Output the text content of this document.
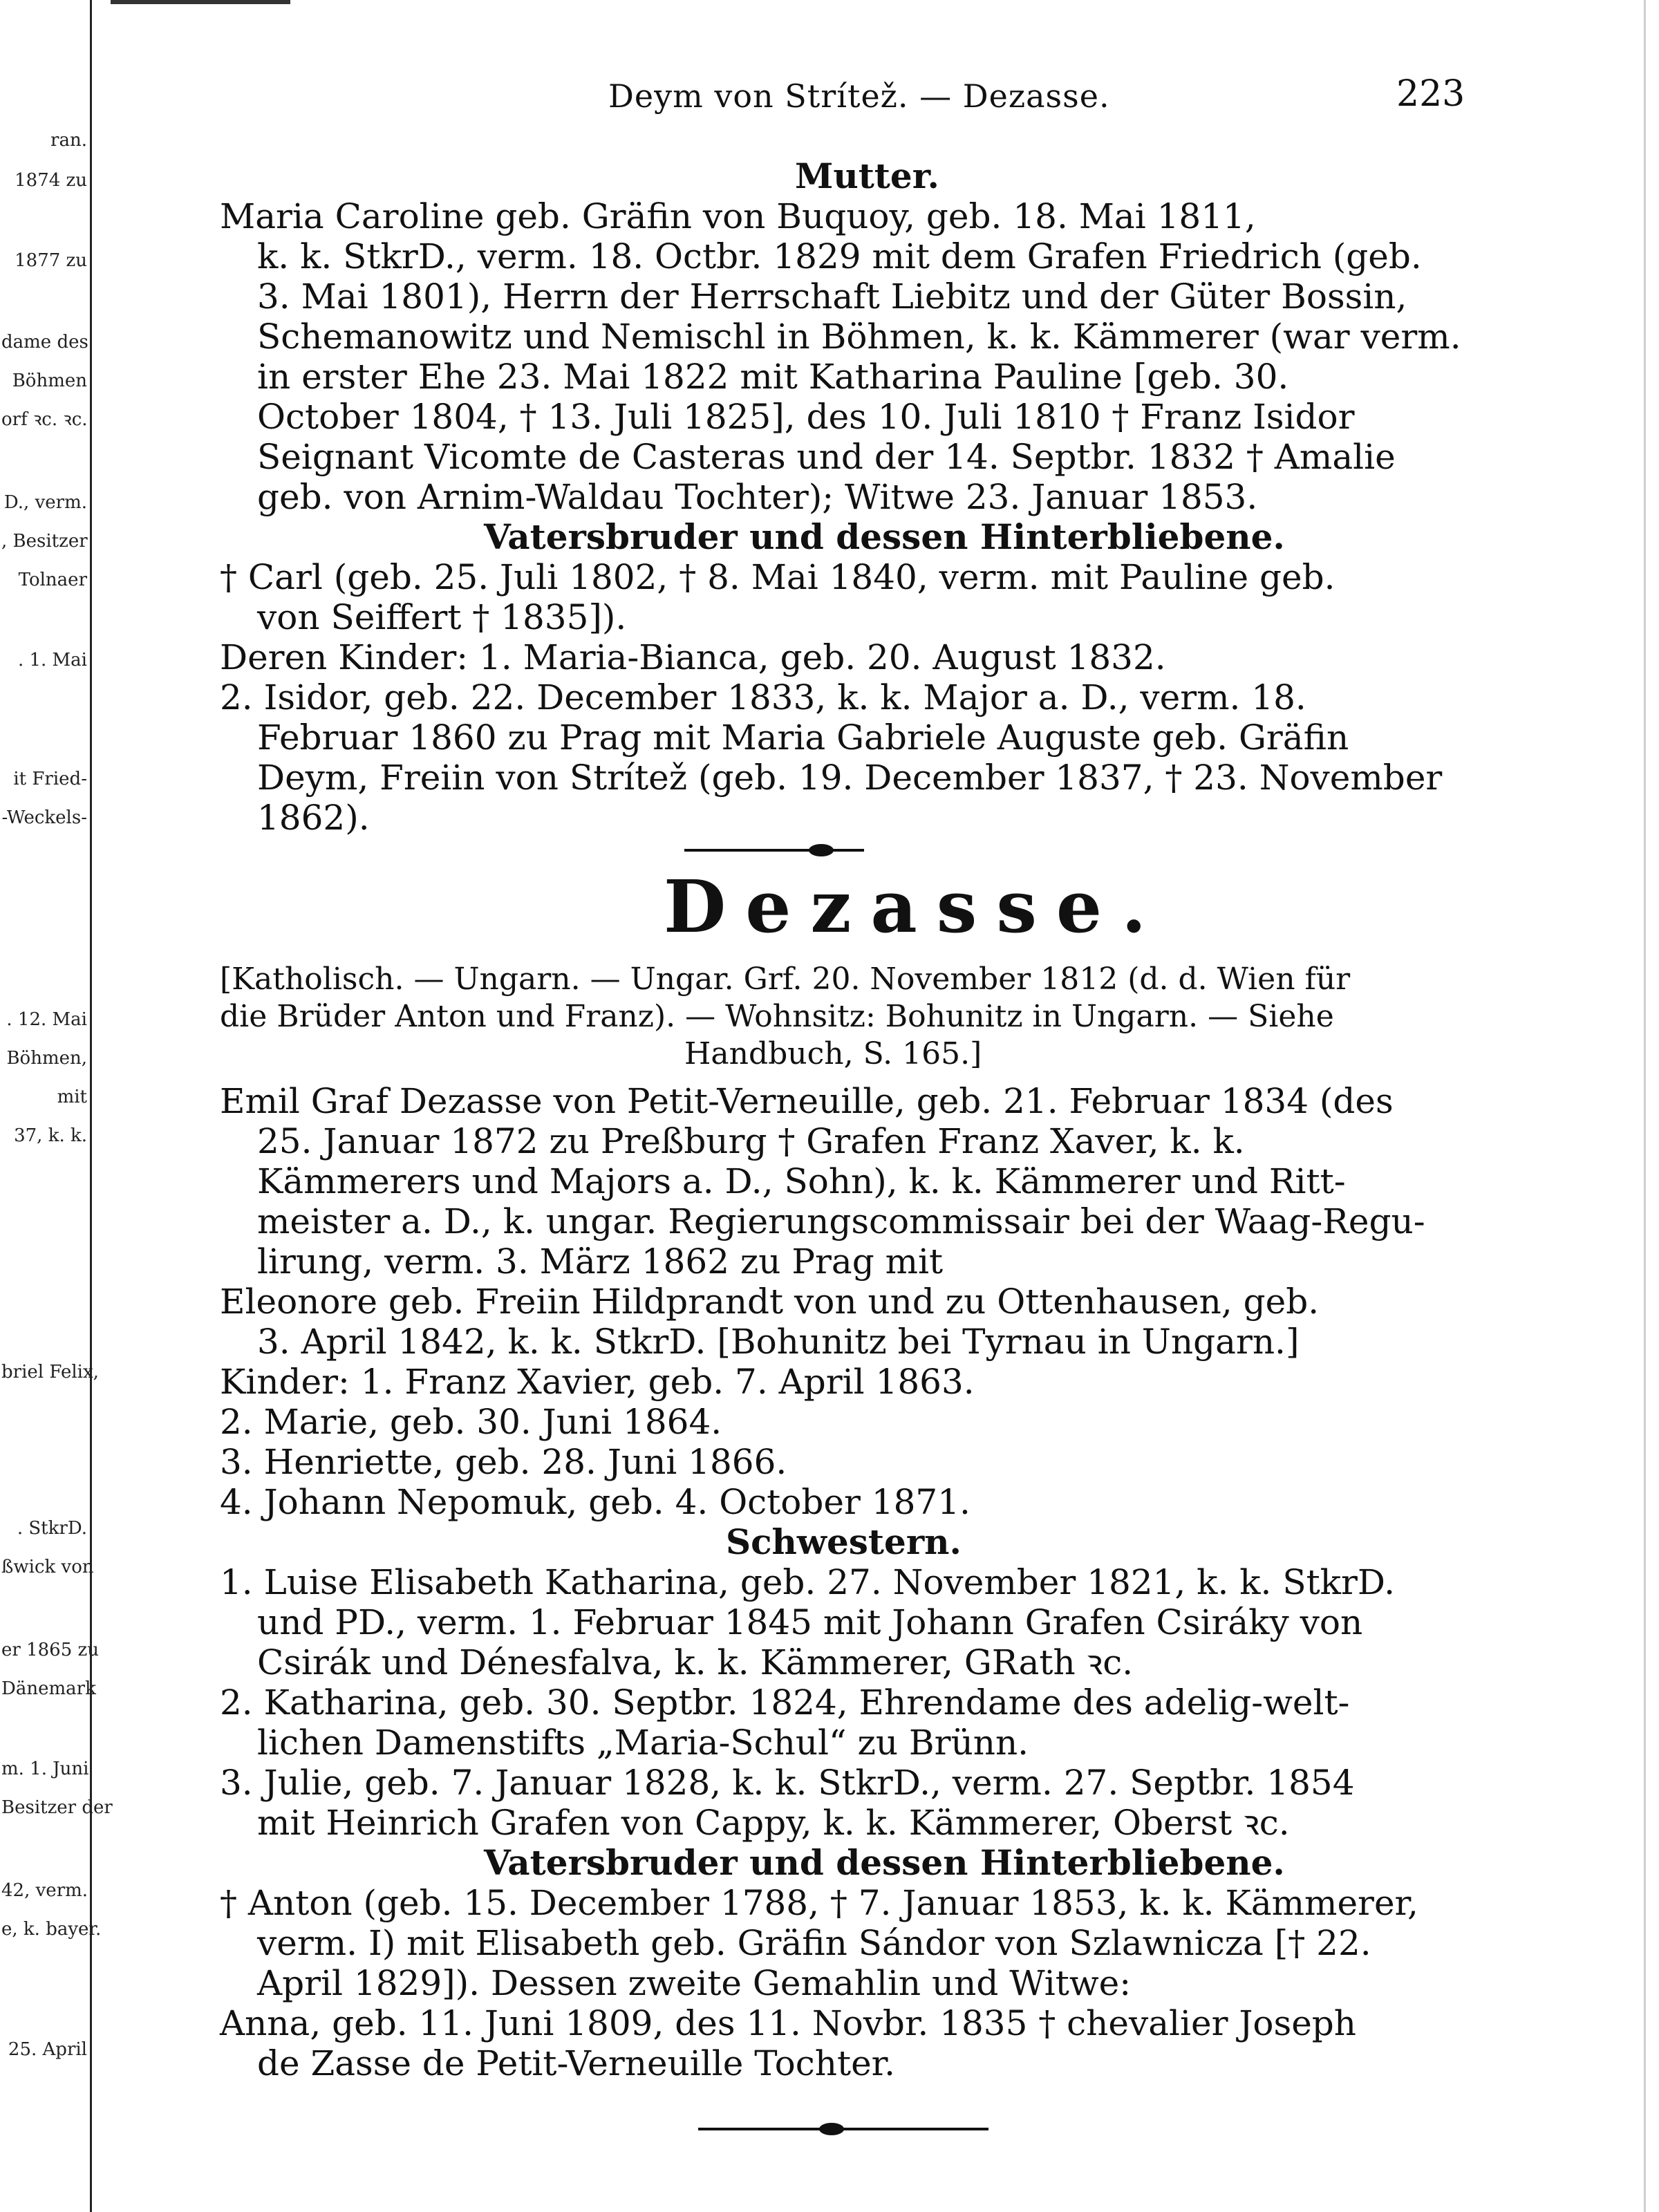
ran.
1874 zu
1877 zu
dame des
Böhmen
orf ꝛc. ꝛc.
D., verm.
, Besitzer
Tolnaer
. 1. Mai
it Fried-
-Weckels-
. 12. Mai
Böhmen,
mit
37, k. k.
briel Felix,
. StkrD.
ßwick von
er 1865 zu
Dänemark
m. 1. Juni
Besitzer der
42, verm.
e, k. bayer.
25. April
Deym von Strítež. — Dezasse.	223
Mutter.
Maria Caroline geb. Gräfin von Buquoy, geb. 18. Mai 1811,
k. k. StkrD., verm. 18. Octbr. 1829 mit dem Grafen Friedrich (geb.
3. Mai 1801), Herrn der Herrschaft Liebitz und der Güter Bossin,
Schemanowitz und Nemischl in Böhmen, k. k. Kämmerer (war verm.
in erster Ehe 23. Mai 1822 mit Katharina Pauline [geb. 30.
October 1804, † 13. Juli 1825], des 10. Juli 1810 † Franz Isidor
Seignant Vicomte de Casteras und der 14. Septbr. 1832 † Amalie
geb. von Arnim-Waldau Tochter); Witwe 23. Januar 1853.
Vatersbruder und dessen Hinterbliebene.
† Carl (geb. 25. Juli 1802, † 8. Mai 1840, verm. mit Pauline geb.
von Seiffert † 1835]).
Deren Kinder: 1. Maria-Bianca, geb. 20. August 1832.
2. Isidor, geb. 22. December 1833, k. k. Major a. D., verm. 18.
Februar 1860 zu Prag mit Maria Gabriele Auguste geb. Gräfin
Deym, Freiin von Strítež (geb. 19. December 1837, † 23. November
1862).
Dezasse.
[Katholisch. — Ungarn. — Ungar. Grf. 20. November 1812 (d. d. Wien für
die Brüder Anton und Franz). — Wohnsitz: Bohunitz in Ungarn. — Siehe
Handbuch, S. 165.]
Emil Graf Dezasse von Petit-Verneuille, geb. 21. Februar 1834 (des
25. Januar 1872 zu Preßburg † Grafen Franz Xaver, k. k.
Kämmerers und Majors a. D., Sohn), k. k. Kämmerer und Ritt-
meister a. D., k. ungar. Regierungscommissair bei der Waag-Regu-
lirung, verm. 3. März 1862 zu Prag mit
Eleonore geb. Freiin Hildprandt von und zu Ottenhausen, geb.
3. April 1842, k. k. StkrD. [Bohunitz bei Tyrnau in Ungarn.]
Kinder: 1. Franz Xavier, geb. 7. April 1863.
2. Marie, geb. 30. Juni 1864.
3. Henriette, geb. 28. Juni 1866.
4. Johann Nepomuk, geb. 4. October 1871.
Schwestern.
1. Luise Elisabeth Katharina, geb. 27. November 1821, k. k. StkrD.
und PD., verm. 1. Februar 1845 mit Johann Grafen Csiráky von
Csirák und Dénesfalva, k. k. Kämmerer, GRath ꝛc.
2. Katharina, geb. 30. Septbr. 1824, Ehrendame des adelig-welt-
lichen Damenstifts „Maria-Schul“ zu Brünn.
3. Julie, geb. 7. Januar 1828, k. k. StkrD., verm. 27. Septbr. 1854
mit Heinrich Grafen von Cappy, k. k. Kämmerer, Oberst ꝛc.
Vatersbruder und dessen Hinterbliebene.
† Anton (geb. 15. December 1788, † 7. Januar 1853, k. k. Kämmerer,
verm. I) mit Elisabeth geb. Gräfin Sándor von Szlawnicza [† 22.
April 1829]). Dessen zweite Gemahlin und Witwe:
Anna, geb. 11. Juni 1809, des 11. Novbr. 1835 † chevalier Joseph
de Zasse de Petit-Verneuille Tochter.
